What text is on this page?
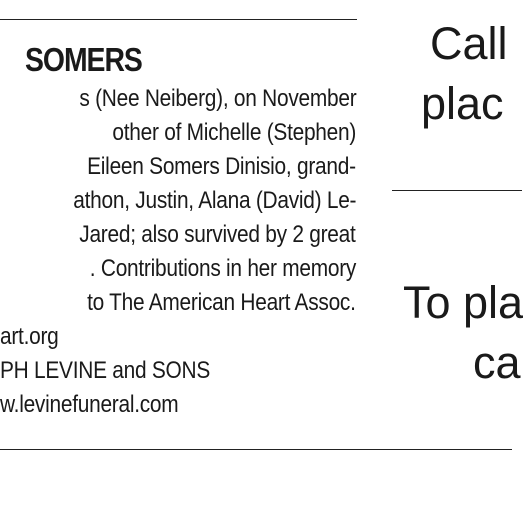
SOMERS
s (Nee Neiberg), on November
other of Michelle (Stephen)
Eileen Somers Dinisio, grand-
athon, Justin, Alana (David) Le-
Jared; also survived by 2 great
. Contributions in her memory
to The American Heart Assoc.
art.org
PH LEVINE and SONS
w.levinefuneral.com
Call
plac
To pla
ca
